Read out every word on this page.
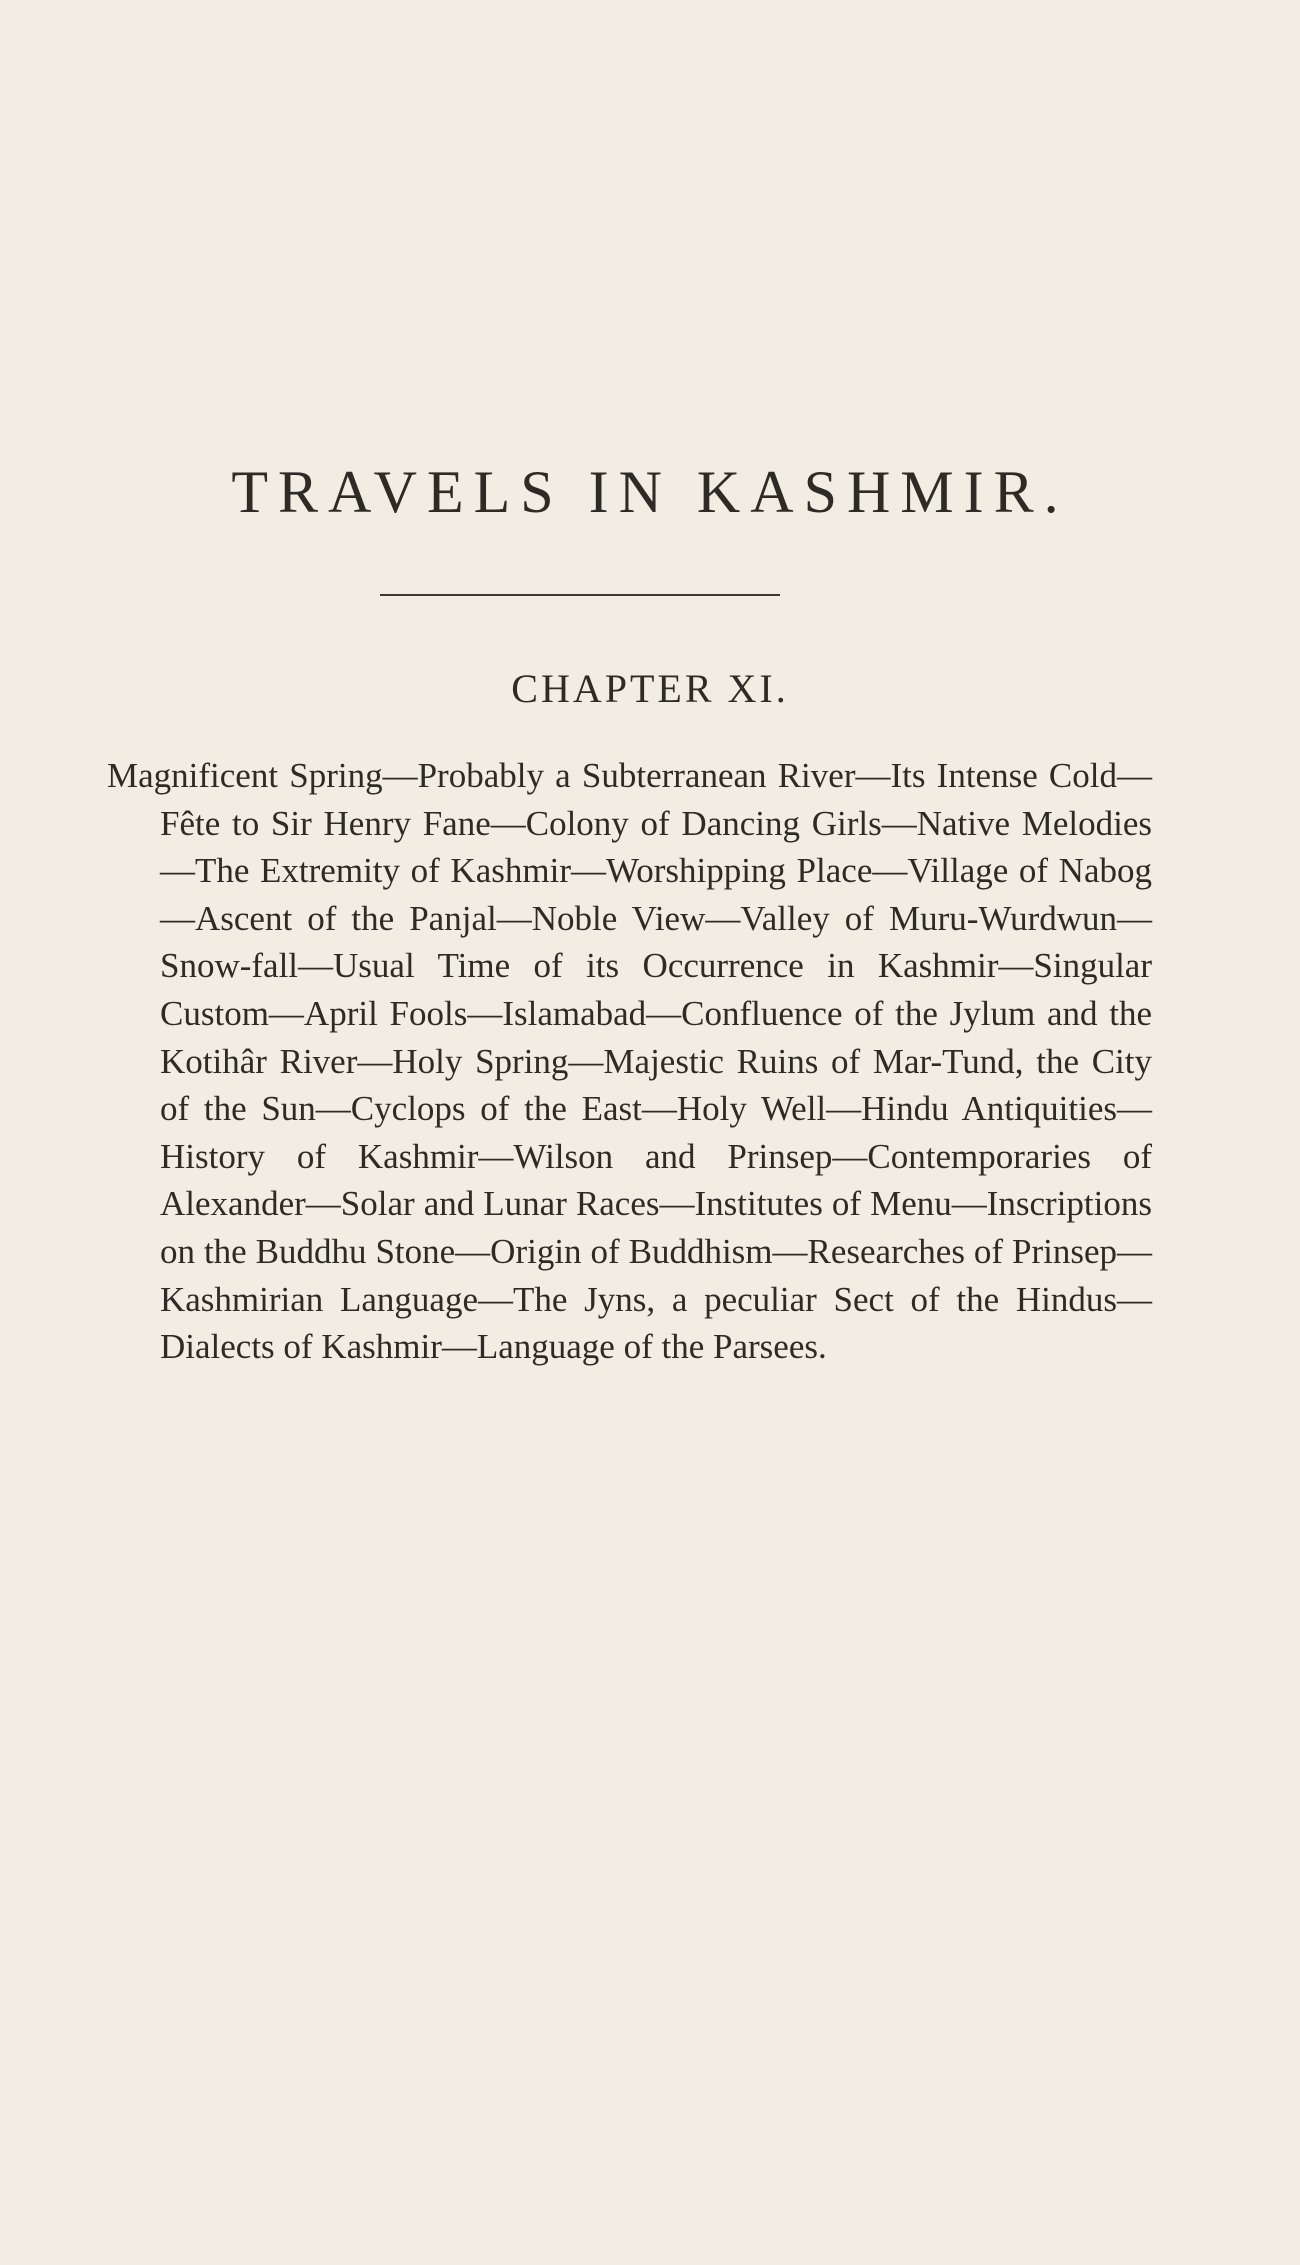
TRAVELS IN KASHMIR.
CHAPTER XI.

Magnificent Spring—Probably a Subterranean River—Its Intense Cold—Fête to Sir Henry Fane—Colony of Dancing Girls—Native Melodies—The Extremity of Kashmir—Worshipping Place—Village of Nabog—Ascent of the Panjal—Noble View—Valley of Muru-Wurdwun—Snow-fall—Usual Time of its Occurrence in Kashmir—Singular Custom—April Fools—Islamabad—Confluence of the Jylum and the Kotihâr River—Holy Spring—Majestic Ruins of Mar-Tund, the City of the Sun—Cyclops of the East—Holy Well—Hindu Antiquities—History of Kashmir—Wilson and Prinsep—Contemporaries of Alexander—Solar and Lunar Races—Institutes of Menu—Inscriptions on the Buddhu Stone—Origin of Buddhism—Researches of Prinsep—Kashmirian Language—The Jyns, a peculiar Sect of the Hindus—Dialects of Kashmir—Language of the Parsees.
